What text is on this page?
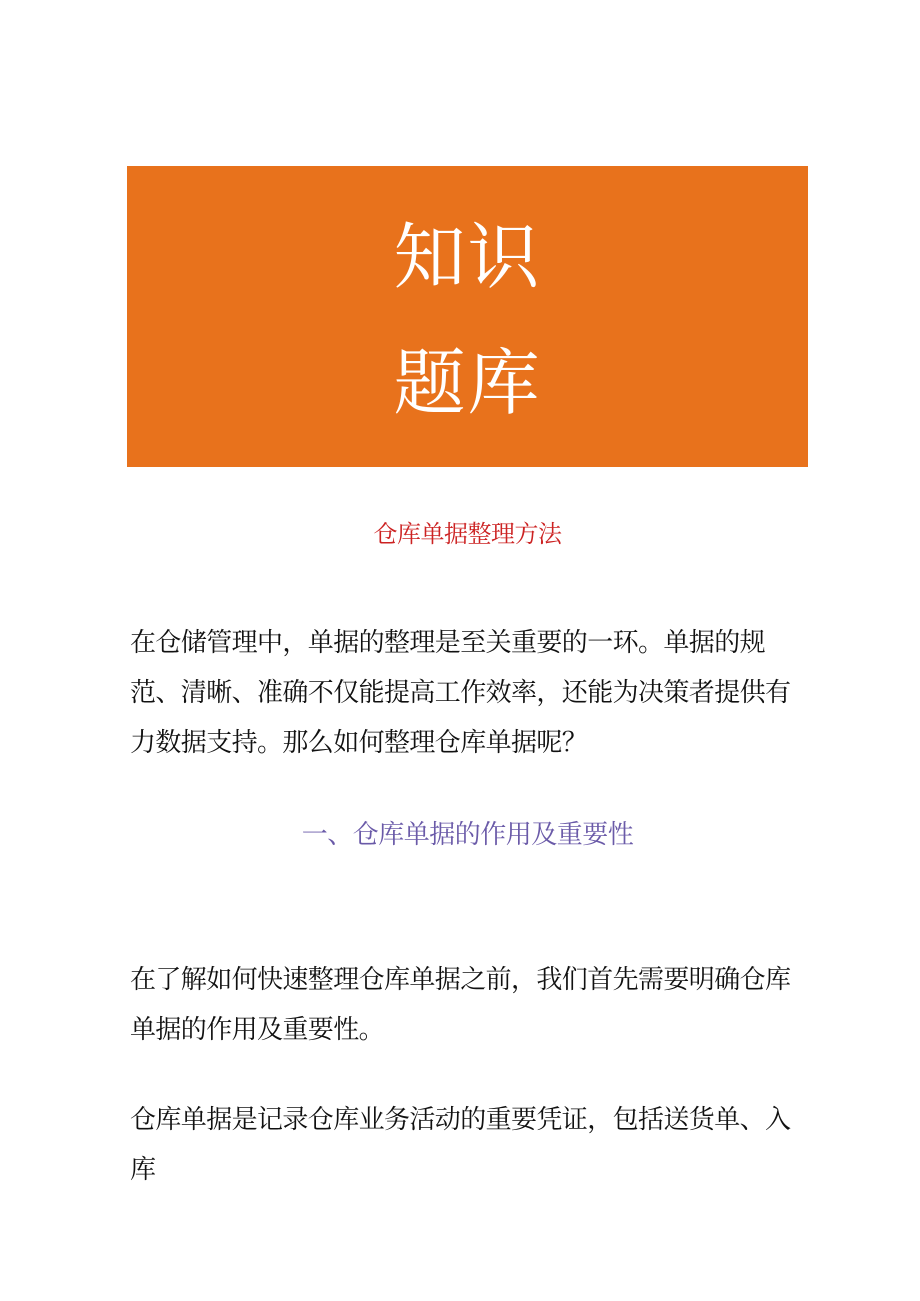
知识
题库
仓库单据整理方法

在仓储管理中，单据的整理是至关重要的一环。单据的规范、清晰、准确不仅能提高工作效率，还能为决策者提供有力数据支持。那么如何整理仓库单据呢？

一、仓库单据的作用及重要性

在了解如何快速整理仓库单据之前，我们首先需要明确仓库单据的作用及重要性。

仓库单据是记录仓库业务活动的重要凭证，包括送货单、入库
